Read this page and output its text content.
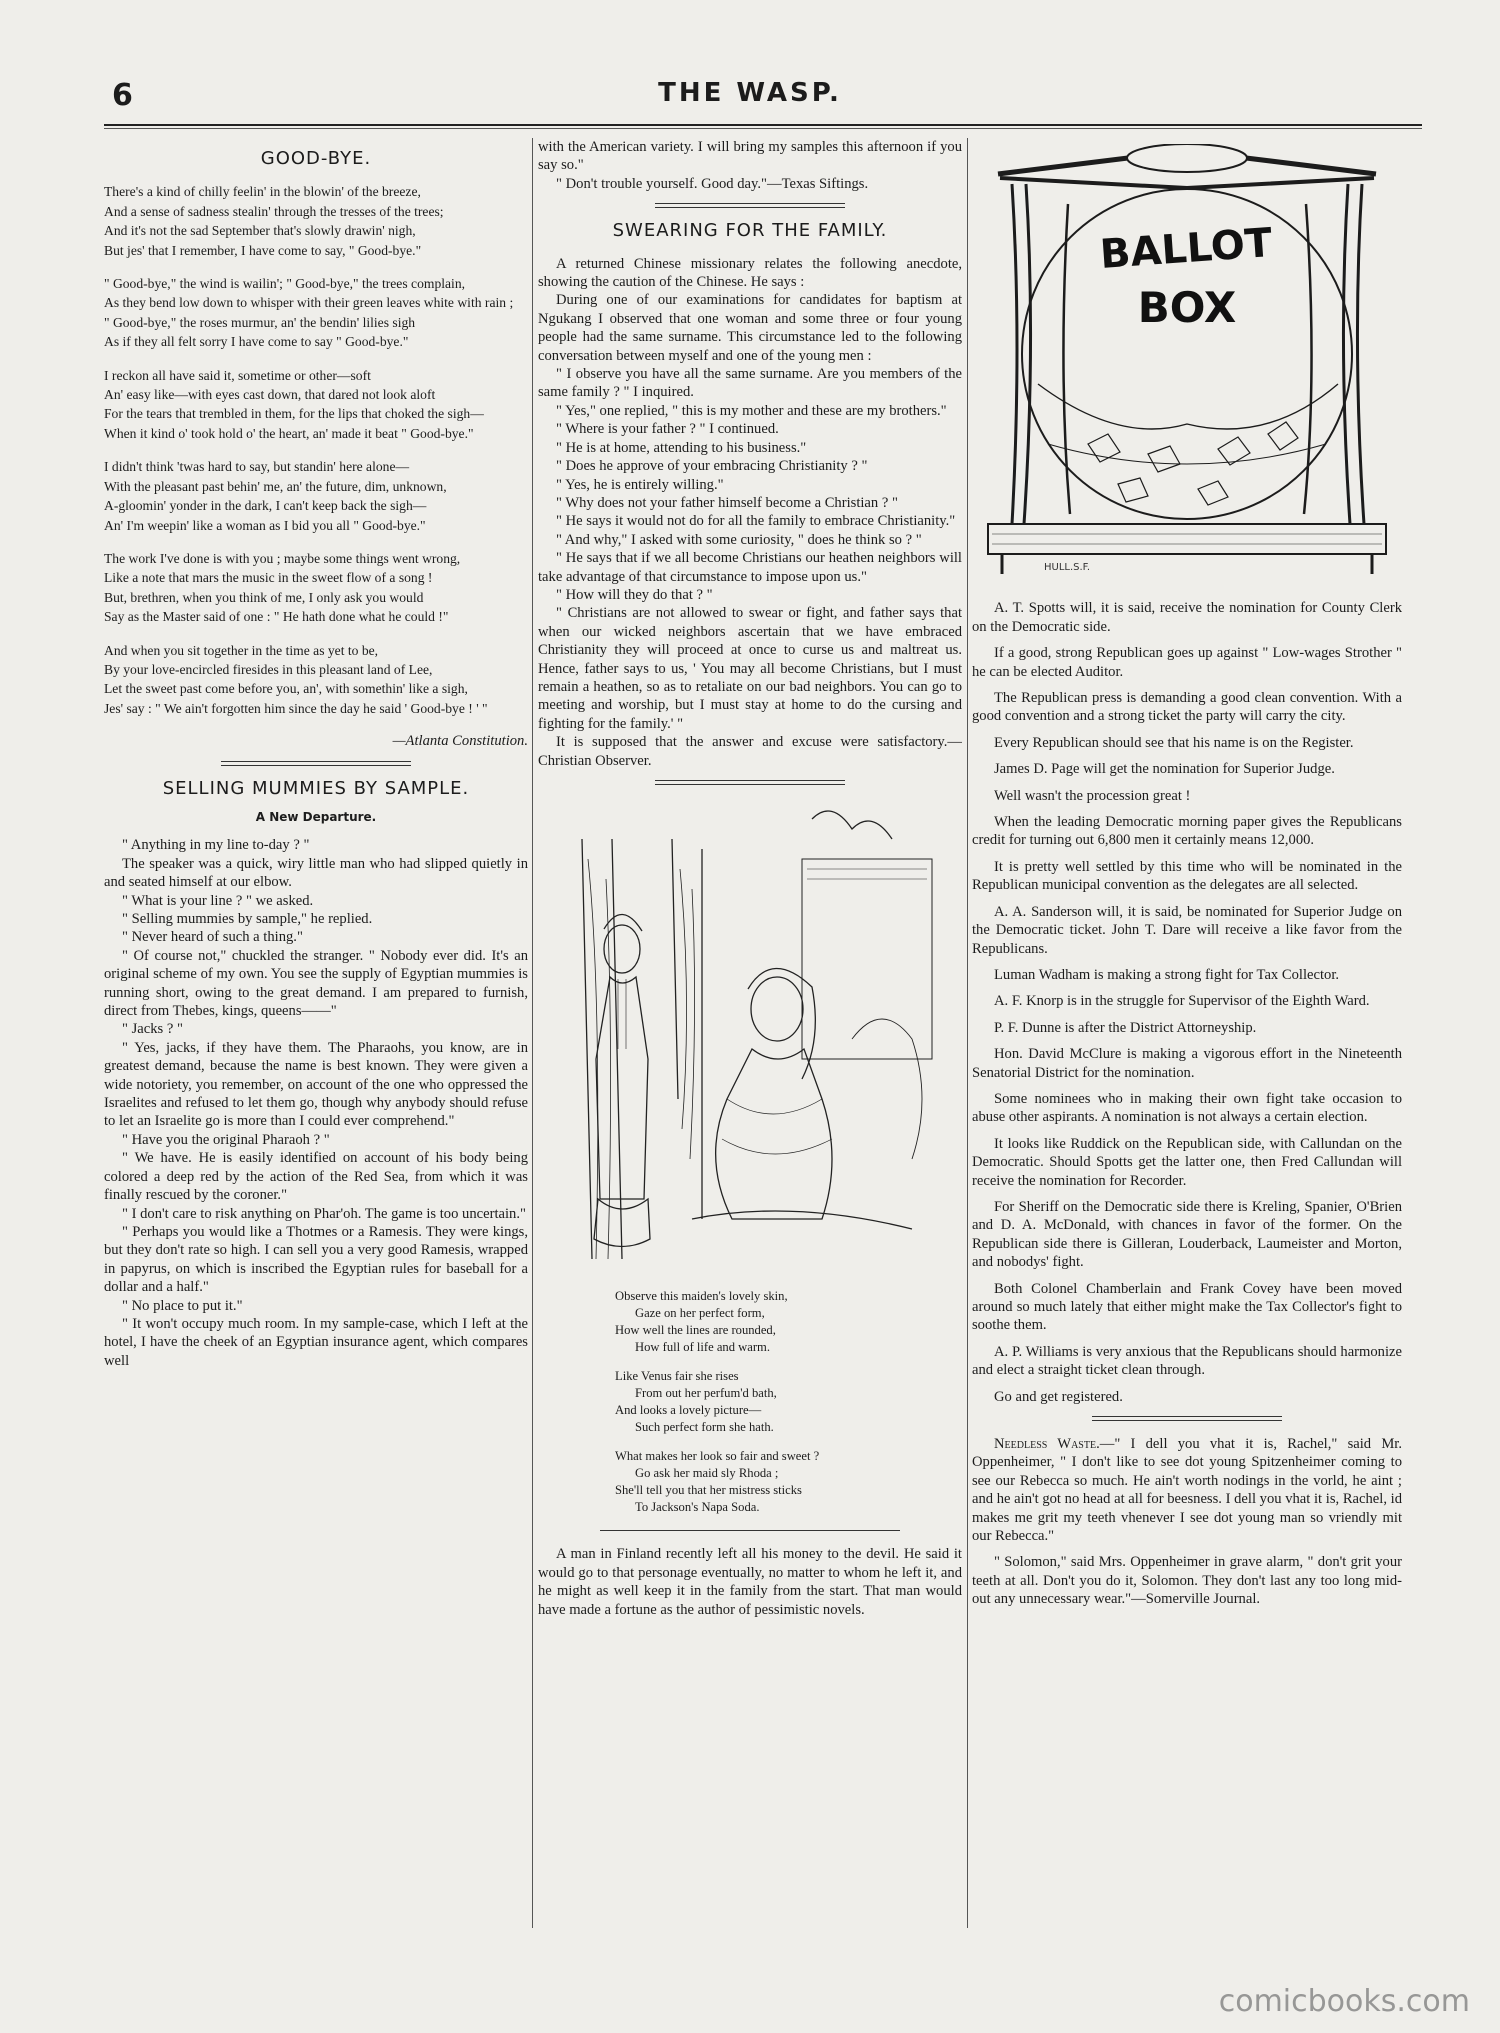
6	THE WASP.
GOOD-BYE.

There's a kind of chilly feelin' in the blowin' of the breeze,

And a sense of sadness stealin' through the tresses of the trees;

And it's not the sad September that's slowly drawin' nigh,

But jes' that I remember, I have come to say, " Good-bye."

" Good-bye," the wind is wailin'; " Good-bye," the trees complain,

As they bend low down to whisper with their green leaves white with rain ;

" Good-bye," the roses murmur, an' the bendin' lilies sigh

As if they all felt sorry I have come to say " Good-bye."

I reckon all have said it, sometime or other—soft

An' easy like—with eyes cast down, that dared not look aloft

For the tears that trembled in them, for the lips that choked the sigh—

When it kind o' took hold o' the heart, an' made it beat " Good-bye."

I didn't think 'twas hard to say, but standin' here alone—

With the pleasant past behin' me, an' the future, dim, unknown,

A-gloomin' yonder in the dark, I can't keep back the sigh—

An' I'm weepin' like a woman as I bid you all " Good-bye."

The work I've done is with you ; maybe some things went wrong,

Like a note that mars the music in the sweet flow of a song !

But, brethren, when you think of me, I only ask you would

Say as the Master said of one : " He hath done what he could !"

And when you sit together in the time as yet to be,

By your love-encircled firesides in this pleasant land of Lee,

Let the sweet past come before you, an', with somethin' like a sigh,

Jes' say : " We ain't forgotten him since the day he said ' Good-bye ! ' "

—Atlanta Constitution.

SELLING MUMMIES BY SAMPLE.
A New Departure.

" Anything in my line to-day ? "

The speaker was a quick, wiry little man who had slipped quietly in and seated himself at our elbow.

" What is your line ? " we asked.

" Selling mummies by sample," he replied.

" Never heard of such a thing."

" Of course not," chuckled the stranger. " Nobody ever did. It's an original scheme of my own. You see the supply of Egyptian mummies is running short, owing to the great demand. I am prepared to furnish, direct from Thebes, kings, queens——"

" Jacks ? "

" Yes, jacks, if they have them. The Pharaohs, you know, are in greatest demand, because the name is best known. They were given a wide notoriety, you remember, on account of the one who oppressed the Israelites and refused to let them go, though why anybody should refuse to let an Israelite go is more than I could ever comprehend."

" Have you the original Pharaoh ? "

" We have. He is easily identified on account of his body being colored a deep red by the action of the Red Sea, from which it was finally rescued by the coroner."

" I don't care to risk anything on Phar'oh. The game is too uncertain."

" Perhaps you would like a Thotmes or a Ramesis. They were kings, but they don't rate so high. I can sell you a very good Ramesis, wrapped in papyrus, on which is inscribed the Egyptian rules for baseball for a dollar and a half."

" No place to put it."

" It won't occupy much room. In my sample-case, which I left at the hotel, I have the cheek of an Egyptian insurance agent, which compares well

with the American variety. I will bring my samples this afternoon if you say so."

" Don't trouble yourself. Good day."—Texas Siftings.

SWEARING FOR THE FAMILY.

A returned Chinese missionary relates the following anecdote, showing the caution of the Chinese. He says :

During one of our examinations for candidates for baptism at Ngukang I observed that one woman and some three or four young people had the same surname. This circumstance led to the following conversation between myself and one of the young men :

" I observe you have all the same surname. Are you members of the same family ? " I inquired.

" Yes," one replied, " this is my mother and these are my brothers."

" Where is your father ? " I continued.

" He is at home, attending to his business."

" Does he approve of your embracing Christianity ? "

" Yes, he is entirely willing."

" Why does not your father himself become a Christian ? "

" He says it would not do for all the family to embrace Christianity."

" And why," I asked with some curiosity, " does he think so ? "

" He says that if we all become Christians our heathen neighbors will take advantage of that circumstance to impose upon us."

" How will they do that ? "

" Christians are not allowed to swear or fight, and father says that when our wicked neighbors ascertain that we have embraced Christianity they will proceed at once to curse us and maltreat us. Hence, father says to us, ' You may all become Christians, but I must remain a heathen, so as to retaliate on our bad neighbors. You can go to meeting and worship, but I must stay at home to do the cursing and fighting for the family.' "

It is supposed that the answer and excuse were satisfactory.—Christian Observer.

Observe this maiden's lovely skin,

Gaze on her perfect form,

How well the lines are rounded,

How full of life and warm.

Like Venus fair she rises

From out her perfum'd bath,

And looks a lovely picture—

Such perfect form she hath.

What makes her look so fair and sweet ?

Go ask her maid sly Rhoda ;

She'll tell you that her mistress sticks

To Jackson's Napa Soda.

A man in Finland recently left all his money to the devil. He said it would go to that personage eventually, no matter to whom he left it, and he might as well keep it in the family from the start. That man would have made a fortune as the author of pessimistic novels.

BALLOT
BOX
HULL.S.F.

A. T. Spotts will, it is said, receive the nomination for County Clerk on the Democratic side.

If a good, strong Republican goes up against " Low-wages Strother " he can be elected Auditor.

The Republican press is demanding a good clean convention. With a good convention and a strong ticket the party will carry the city.

Every Republican should see that his name is on the Register.

James D. Page will get the nomination for Superior Judge.

Well wasn't the procession great !

When the leading Democratic morning paper gives the Republicans credit for turning out 6,800 men it certainly means 12,000.

It is pretty well settled by this time who will be nominated in the Republican municipal convention as the delegates are all selected.

A. A. Sanderson will, it is said, be nominated for Superior Judge on the Democratic ticket. John T. Dare will receive a like favor from the Republicans.

Luman Wadham is making a strong fight for Tax Collector.

A. F. Knorp is in the struggle for Supervisor of the Eighth Ward.

P. F. Dunne is after the District Attorneyship.

Hon. David McClure is making a vigorous effort in the Nineteenth Senatorial District for the nomination.

Some nominees who in making their own fight take occasion to abuse other aspirants. A nomination is not always a certain election.

It looks like Ruddick on the Republican side, with Callundan on the Democratic. Should Spotts get the latter one, then Fred Callundan will receive the nomination for Recorder.

For Sheriff on the Democratic side there is Kreling, Spanier, O'Brien and D. A. McDonald, with chances in favor of the former. On the Republican side there is Gilleran, Louderback, Laumeister and Morton, and nobodys' fight.

Both Colonel Chamberlain and Frank Covey have been moved around so much lately that either might make the Tax Collector's fight to soothe them.

A. P. Williams is very anxious that the Republicans should harmonize and elect a straight ticket clean through.

Go and get registered.

Needless Waste.—" I dell you vhat it is, Rachel," said Mr. Oppenheimer, " I don't like to see dot young Spitzenheimer coming to see our Rebecca so much. He ain't worth nodings in the vorld, he aint ; and he ain't got no head at all for beesness. I dell you vhat it is, Rachel, id makes me grit my teeth vhenever I see dot young man so vriendly mit our Rebecca."

" Solomon," said Mrs. Oppenheimer in grave alarm, " don't grit your teeth at all. Don't you do it, Solomon. They don't last any too long mid-out any unnecessary wear."—Somerville Journal.

comicbooks.com
